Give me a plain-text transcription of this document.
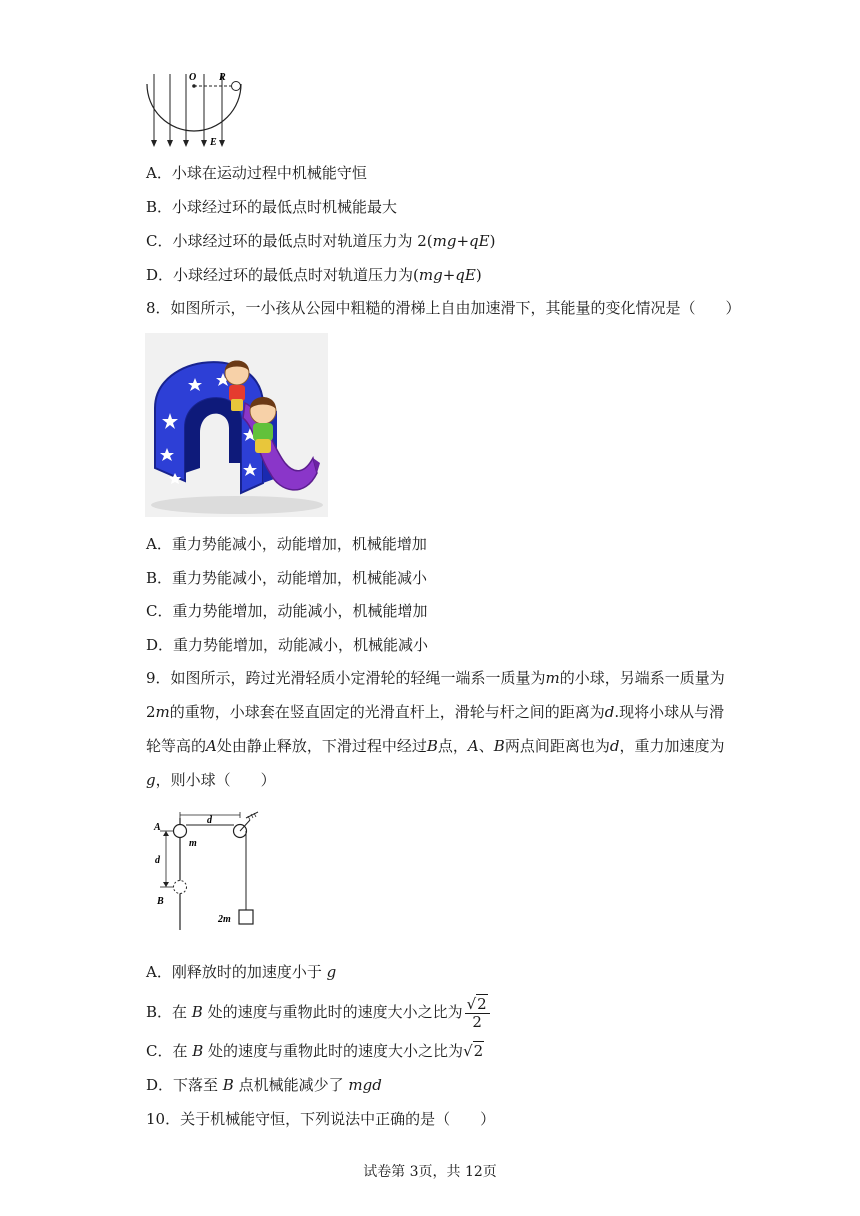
O R
E
A．小球在运动过程中机械能守恒
B．小球经过环的最低点时机械能最大
C．小球经过环的最低点时对轨道压力为 2(mg+qE)
D．小球经过环的最低点时对轨道压力为(mg+qE)
8．如图所示，一小孩从公园中粗糙的滑梯上自由加速滑下，其能量的变化情况是（　　）
A．重力势能减小，动能增加，机械能增加
B．重力势能减小，动能增加，机械能减小
C．重力势能增加，动能减小，机械能增加
D．重力势能增加，动能减小，机械能减小
9．如图所示，跨过光滑轻质小定滑轮的轻绳一端系一质量为m的小球，另端系一质量为 2m的重物，小球套在竖直固定的光滑直杆上，滑轮与杆之间的距离为d.现将小球从与滑轮等高的A处由静止释放，下滑过程中经过B点，A、B两点间距离也为d，重力加速度为g，则小球（　　）
A
d
m
d
B
2m
A．刚释放时的加速度小于 g
B．在 B 处的速度与重物此时的速度大小之比为 $\frac{√2}{2}$
C．在 B 处的速度与重物此时的速度大小之比为√2
D．下落至 B 点机械能减少了 mgd
10．关于机械能守恒，下列说法中正确的是（　　）
试卷第 3页，共 12页
